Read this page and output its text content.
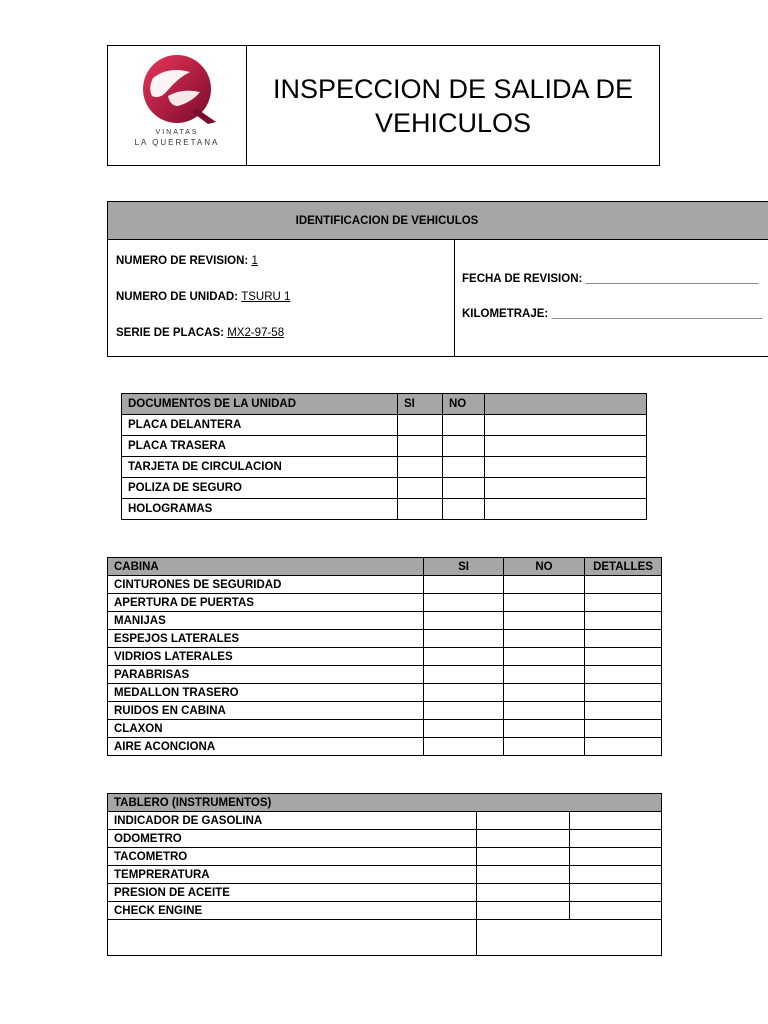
VINATAS
LA QUERETANA
INSPECCION DE SALIDA DE
VEHICULOS
IDENTIFICACION DE VEHICULOS
NUMERO DE REVISION: 1
NUMERO DE UNIDAD: TSURU 1
SERIE DE PLACAS: MX2-97-58
FECHA DE REVISION: ___________________________
KILOMETRAJE: _________________________________
DOCUMENTOS DE LA UNIDAD	SI	NO	
PLACA DELANTERA			
PLACA TRASERA			
TARJETA DE CIRCULACION			
POLIZA DE SEGURO			
HOLOGRAMAS			
CABINA	SI	NO	DETALLES
CINTURONES DE SEGURIDAD			
APERTURA DE PUERTAS			
MANIJAS			
ESPEJOS LATERALES			
VIDRIOS LATERALES			
PARABRISAS			
MEDALLON TRASERO			
RUIDOS EN CABINA			
CLAXON			
AIRE ACONCIONA			
TABLERO (INSTRUMENTOS)		
INDICADOR DE GASOLINA		
ODOMETRO		
TACOMETRO		
TEMPRERATURA		
PRESION DE ACEITE		
CHECK ENGINE		
